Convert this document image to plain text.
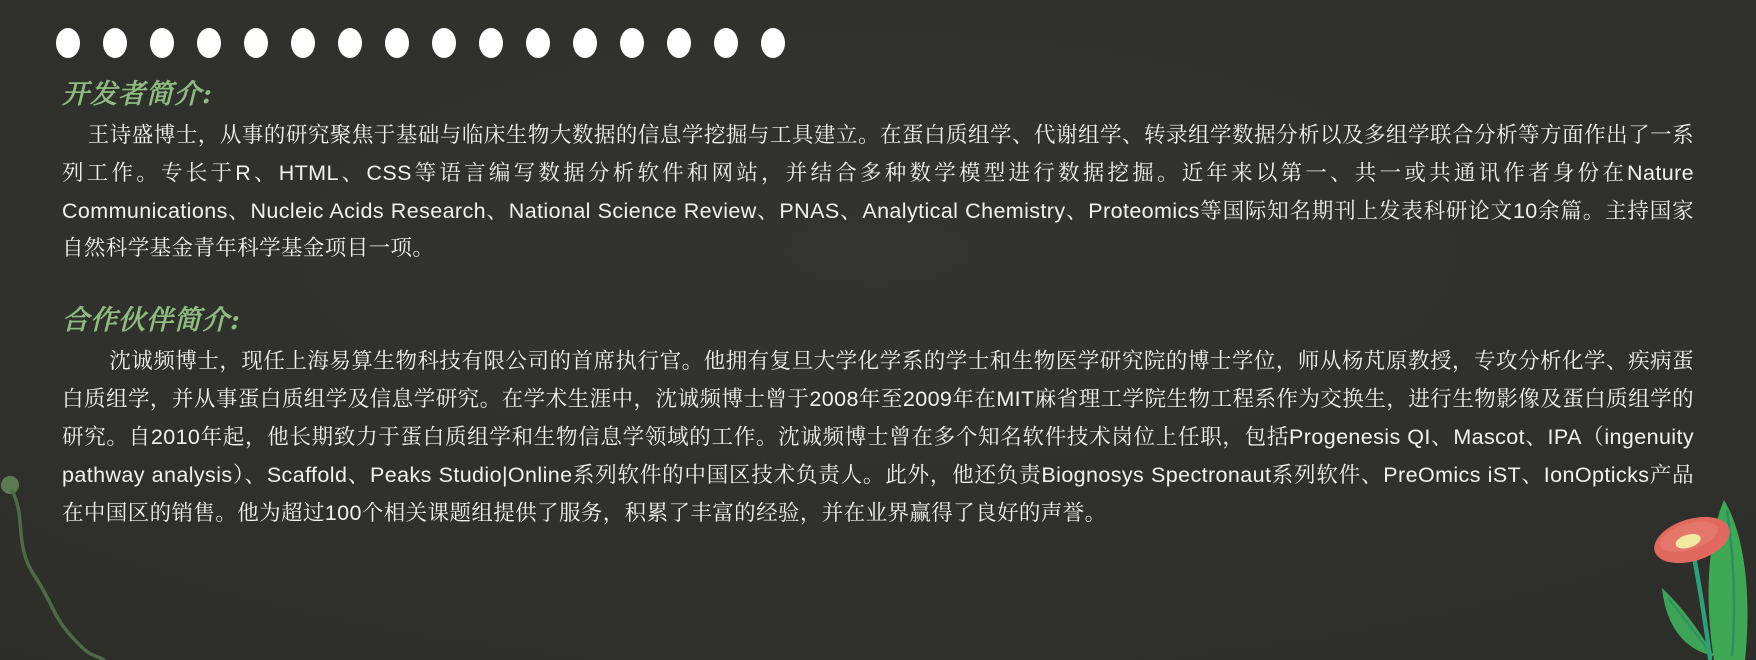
开发者简介:

王诗盛博士，从事的研究聚焦于基础与临床生物大数据的信息学挖掘与工具建立。在蛋白质组学、代谢组学、转录组学数据分析以及多组学联合分析等方面作出了一系列工作。专长于R、HTML、CSS等语言编写数据分析软件和网站，并结合多种数学模型进行数据挖掘。近年来以第一、共一或共通讯作者身份在Nature Communications、Nucleic Acids Research、National Science Review、PNAS、Analytical Chemistry、Proteomics等国际知名期刊上发表科研论文10余篇。主持国家自然科学基金青年科学基金项目一项。

合作伙伴简介:

沈诚频博士，现任上海易算生物科技有限公司的首席执行官。他拥有复旦大学化学系的学士和生物医学研究院的博士学位，师从杨芃原教授，专攻分析化学、疾病蛋白质组学，并从事蛋白质组学及信息学研究。在学术生涯中，沈诚频博士曾于2008年至2009年在MIT麻省理工学院生物工程系作为交换生，进行生物影像及蛋白质组学的研究。自2010年起，他长期致力于蛋白质组学和生物信息学领域的工作。沈诚频博士曾在多个知名软件技术岗位上任职，包括Progenesis QI、Mascot、IPA（ingenuity pathway analysis）、Scaffold、Peaks Studio|Online系列软件的中国区技术负责人。此外，他还负责Biognosys Spectronaut系列软件、PreOmics iST、IonOpticks产品在中国区的销售。他为超过100个相关课题组提供了服务，积累了丰富的经验，并在业界赢得了良好的声誉。
